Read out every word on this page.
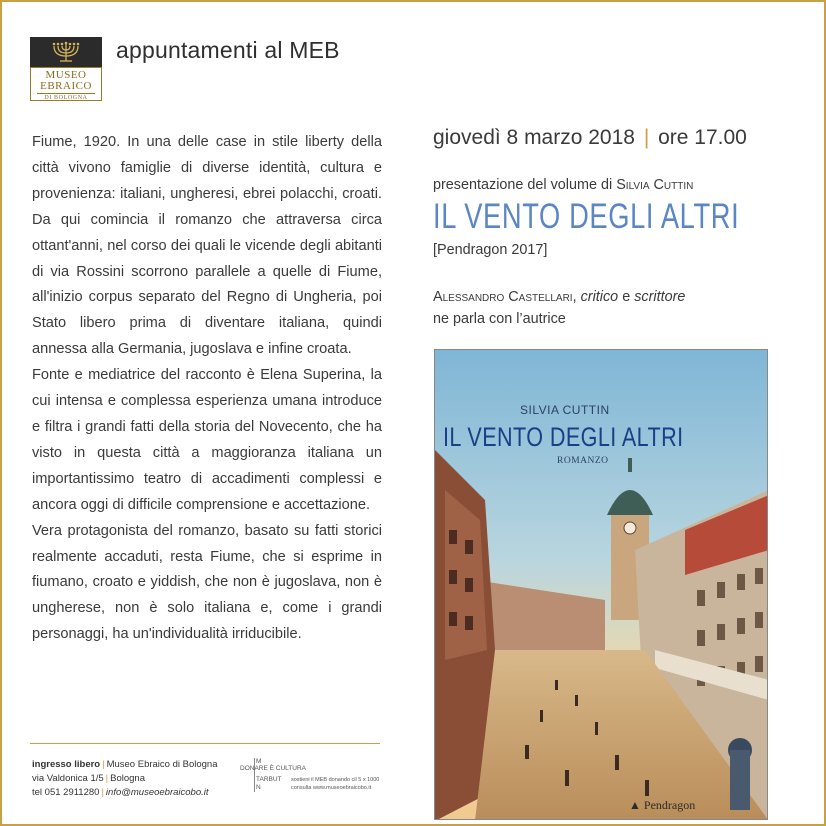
MUSEO
EBRAICO
DI BOLOGNA
appuntamenti al MEB

Fiume, 1920. In una delle case in stile liberty della città vivono famiglie di diverse identità, cultura e provenienza: italiani, ungheresi, ebrei polacchi, croati. Da qui comincia il romanzo che attraversa circa ottant'anni, nel corso dei quali le vicende degli abitanti di via Rossini scorrono parallele a quelle di Fiume, all'inizio corpus separato del Regno di Ungheria, poi Stato libero prima di diventare italiana, quindi annessa alla Germania, jugoslava e infine croata.

Fonte e mediatrice del racconto è Elena Superina, la cui intensa e complessa esperienza umana introduce e filtra i grandi fatti della storia del Novecento, che ha visto in questa città a maggioranza italiana un importantissimo teatro di accadimenti complessi e ancora oggi di difficile comprensione e accettazione.

Vera protagonista del romanzo, basato su fatti storici realmente accaduti, resta Fiume, che si esprime in fiumano, croato e yiddish, che non è jugoslava, non è ungherese, non è solo italiana e, come i grandi personaggi, ha un'individualità irriducibile.

ingresso libero | Museo Ebraico di Bologna
via Valdonica 1/5 | Bologna
tel 051 2911280 | info@museoebraicobo.it
M
DONARE È CULTURA
TARBUT
N
sostieni il MEB donando cil 5 x 1000
consulta www.museoebraicobo.it
giovedì 8 marzo 2018 | ore 17.00
presentazione del volume di Silvia Cuttin
IL VENTO DEGLI ALTRI
[Pendragon 2017]
Alessandro Castellari, critico e scrittore
ne parla con l’autrice
SILVIA CUTTIN
IL VENTO DEGLI ALTRI
ROMANZO
▲ Pendragon
